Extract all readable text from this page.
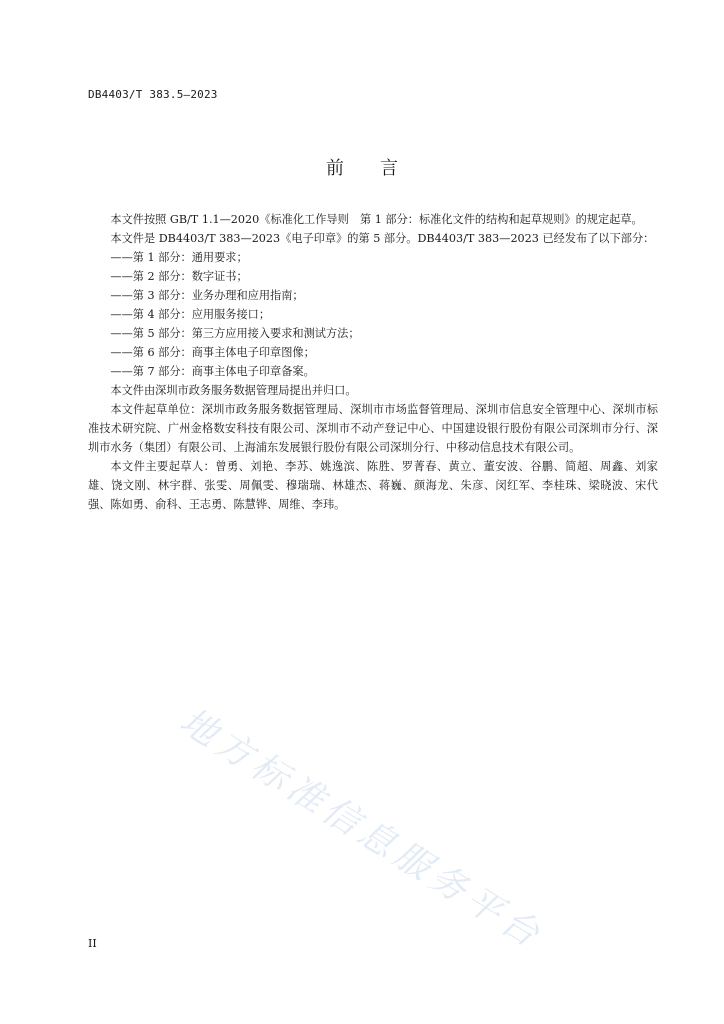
DB4403/T 383.5—2023
前言

本文件按照 GB/T 1.1—2020《标准化工作导则　第 1 部分：标准化文件的结构和起草规则》的规定起草。

本文件是 DB4403/T 383—2023《电子印章》的第 5 部分。DB4403/T 383—2023 已经发布了以下部分：

——第 1 部分：通用要求；

——第 2 部分：数字证书；

——第 3 部分：业务办理和应用指南；

——第 4 部分：应用服务接口；

——第 5 部分：第三方应用接入要求和测试方法；

——第 6 部分：商事主体电子印章图像；

——第 7 部分：商事主体电子印章备案。

本文件由深圳市政务服务数据管理局提出并归口。

本文件起草单位：深圳市政务服务数据管理局、深圳市市场监督管理局、深圳市信息安全管理中心、深圳市标准技术研究院、广州金格数安科技有限公司、深圳市不动产登记中心、中国建设银行股份有限公司深圳市分行、深圳市水务（集团）有限公司、上海浦东发展银行股份有限公司深圳分行、中移动信息技术有限公司。

本文件主要起草人：曾勇、刘艳、李苏、姚逸滨、陈胜、罗菁春、黄立、董安波、谷鹏、简超、周鑫、刘家雄、饶文刚、林宇群、张雯、周佩雯、穆瑞瑞、林雄杰、蒋巍、颜海龙、朱彦、闵红军、李桂珠、梁晓波、宋代强、陈如勇、俞科、王志勇、陈慧铧、周维、李玮。

地方标准信息服务平台
II
